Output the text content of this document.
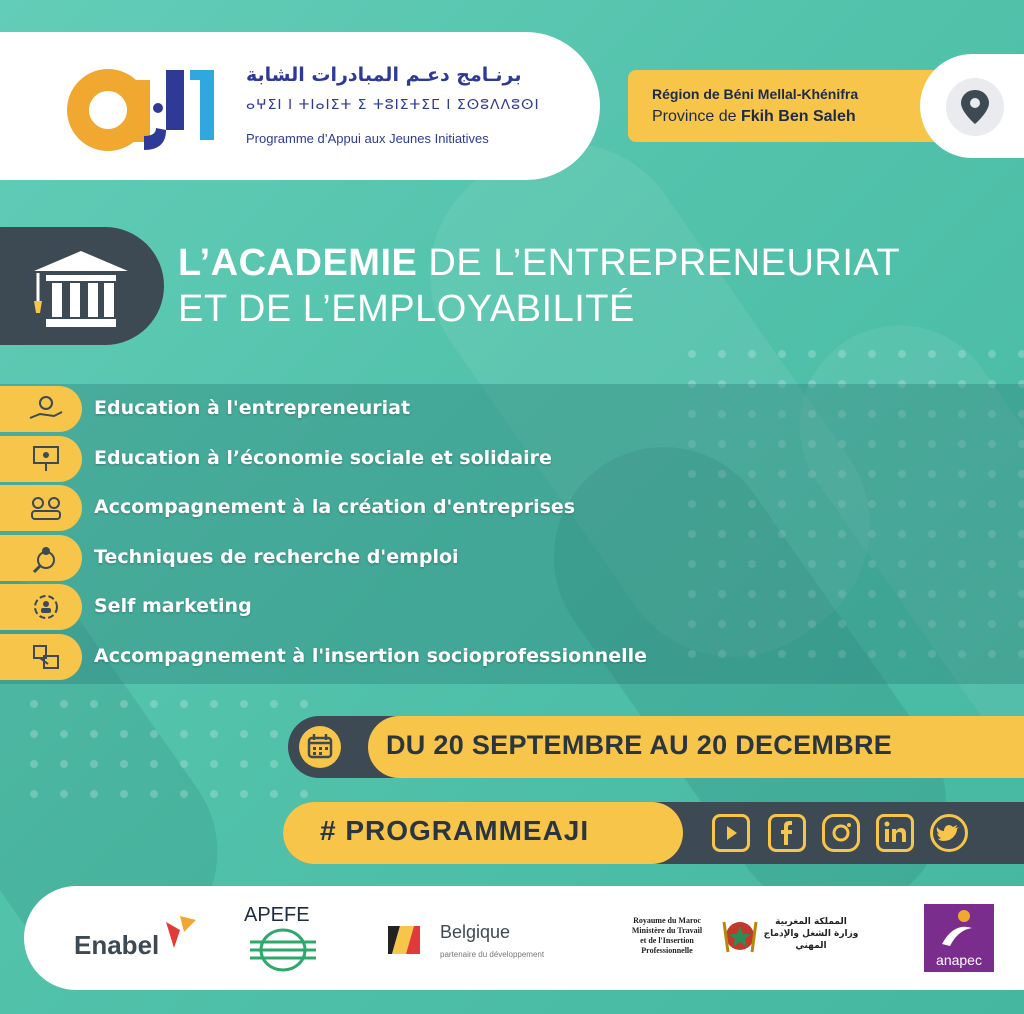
برنـامج دعـم المبادرات الشابة
ⴰⵖⵉⵏ ⵏ ⵜⵏⴰⵏⵉⵜ ⵉ ⵜⵓⵏⵉⵜⵉⵎ ⵏ ⵉⵙⵓⴷⴷⵓⵙⵏ
Programme d’Appui aux Jeunes Initiatives
Région de Béni Mellal-Khénifra
Province de Fkih Ben Saleh
L’ACADEMIE DE L’ENTREPRENEURIAT
ET DE L’EMPLOYABILITÉ
Education à l'entrepreneuriat
Education à l’économie sociale et solidaire
Accompagnement à la création d'entreprises
Techniques de recherche d'emploi
Self marketing
Accompagnement à l'insertion socioprofessionnelle
DU 20 SEPTEMBRE AU 20 DECEMBRE
# PROGRAMMEAJI
Enabel
APEFE
Belgique
partenaire du développement
Royaume du Maroc
Ministère du Travail
et de l'Insertion
Professionnelle
المملكة المغربية
وزارة الشغل والإدماج
المهني
anapec
